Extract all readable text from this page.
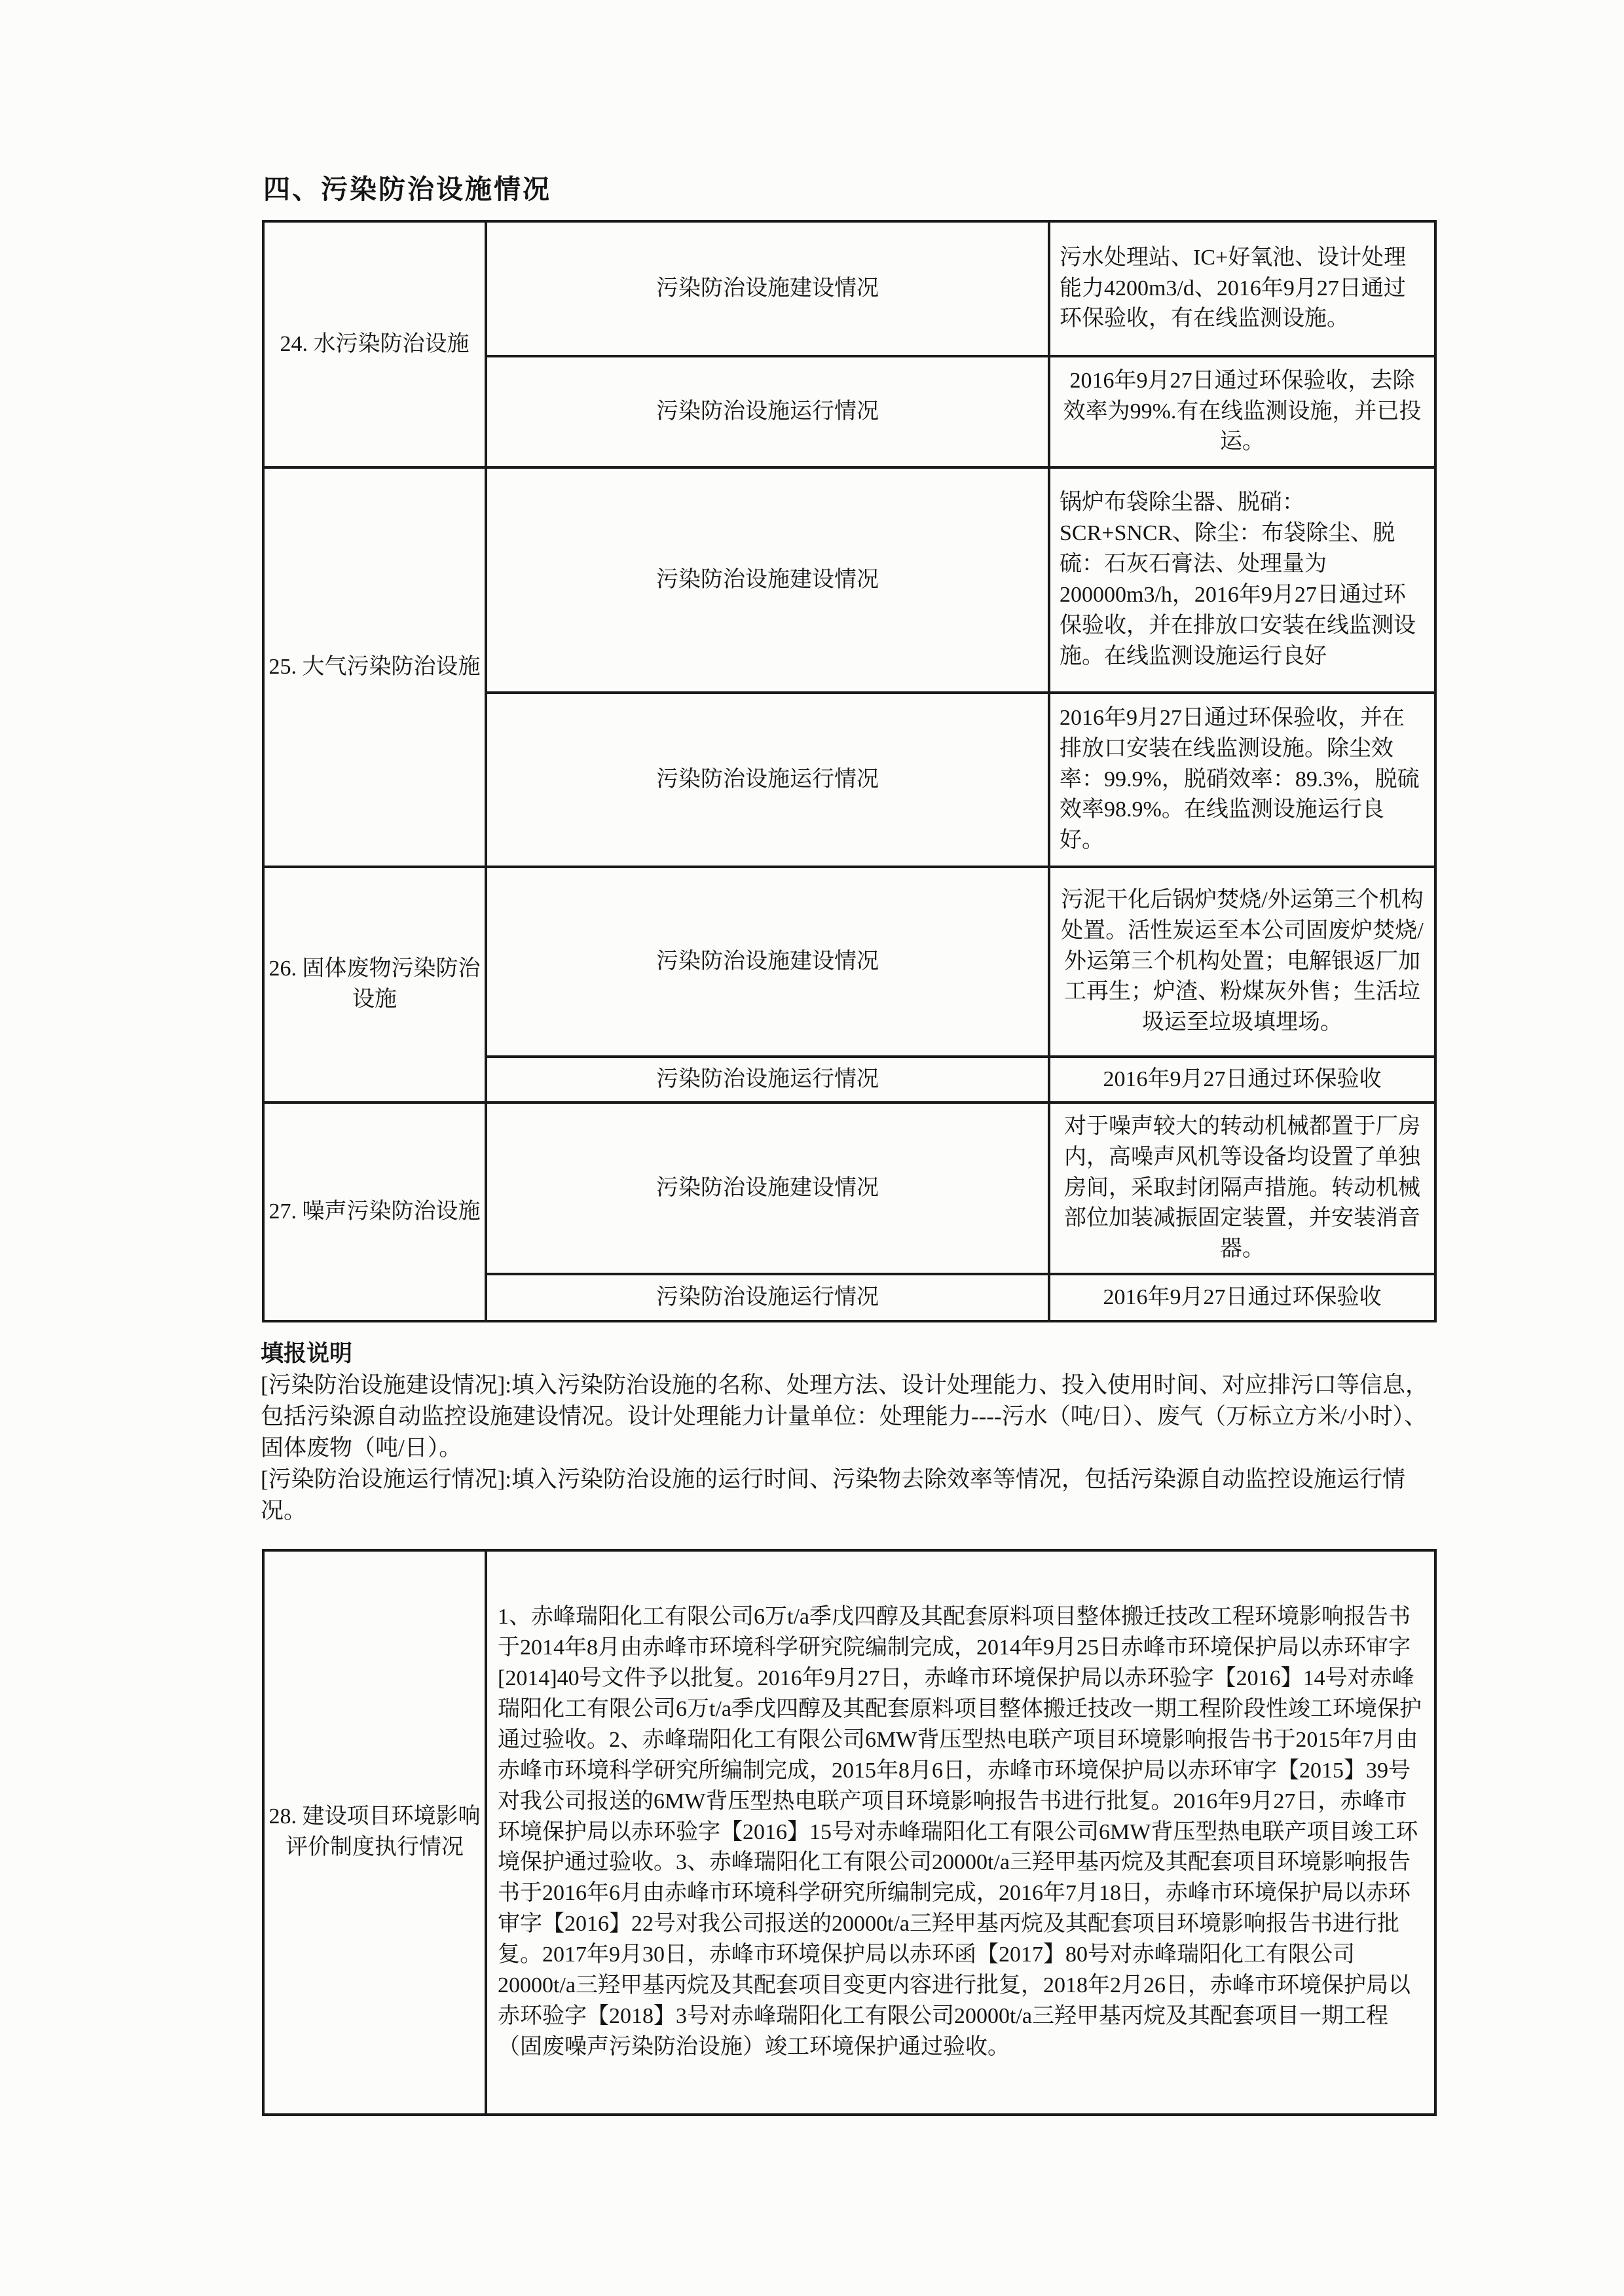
四、污染防治设施情况
24. 水污染防治设施	污染防治设施建设情况	污水处理站、IC+好氧池、设计处理能力4200m3/d、2016年9月27日通过环保验收，有在线监测设施。
	污染防治设施运行情况	2016年9月27日通过环保验收，去除效率为99%.有在线监测设施，并已投运。
25. 大气污染防治设施	污染防治设施建设情况	锅炉布袋除尘器、脱硝：SCR+SNCR、除尘：布袋除尘、脱硫：石灰石膏法、处理量为200000m3/h，2016年9月27日通过环保验收，并在排放口安装在线监测设施。在线监测设施运行良好
	污染防治设施运行情况	2016年9月27日通过环保验收，并在排放口安装在线监测设施。除尘效率：99.9%，脱硝效率：89.3%，脱硫效率98.9%。在线监测设施运行良好。
26. 固体废物污染防治设施	污染防治设施建设情况	污泥干化后锅炉焚烧/外运第三个机构处置。活性炭运至本公司固废炉焚烧/外运第三个机构处置；电解银返厂加工再生；炉渣、粉煤灰外售；生活垃圾运至垃圾填埋场。
	污染防治设施运行情况	2016年9月27日通过环保验收
27. 噪声污染防治设施	污染防治设施建设情况	对于噪声较大的转动机械都置于厂房内，高噪声风机等设备均设置了单独房间，采取封闭隔声措施。转动机械部位加装减振固定装置，并安装消音器。
	污染防治设施运行情况	2016年9月27日通过环保验收
填报说明

[污染防治设施建设情况]:填入污染防治设施的名称、处理方法、设计处理能力、投入使用时间、对应排污口等信息，包括污染源自动监控设施建设情况。设计处理能力计量单位：处理能力----污水（吨/日）、废气（万标立方米/小时）、固体废物（吨/日）。

[污染防治设施运行情况]:填入污染防治设施的运行时间、污染物去除效率等情况，包括污染源自动监控设施运行情况。

28. 建设项目环境影响评价制度执行情况	1、赤峰瑞阳化工有限公司6万t/a季戊四醇及其配套原料项目整体搬迁技改工程环境影响报告书于2014年8月由赤峰市环境科学研究院编制完成，2014年9月25日赤峰市环境保护局以赤环审字[2014]40号文件予以批复。2016年9月27日，赤峰市环境保护局以赤环验字【2016】14号对赤峰瑞阳化工有限公司6万t/a季戊四醇及其配套原料项目整体搬迁技改一期工程阶段性竣工环境保护通过验收。2、赤峰瑞阳化工有限公司6MW背压型热电联产项目环境影响报告书于2015年7月由赤峰市环境科学研究所编制完成，2015年8月6日，赤峰市环境保护局以赤环审字【2015】39号对我公司报送的6MW背压型热电联产项目环境影响报告书进行批复。2016年9月27日，赤峰市环境保护局以赤环验字【2016】15号对赤峰瑞阳化工有限公司6MW背压型热电联产项目竣工环境保护通过验收。3、赤峰瑞阳化工有限公司20000t/a三羟甲基丙烷及其配套项目环境影响报告书于2016年6月由赤峰市环境科学研究所编制完成，2016年7月18日，赤峰市环境保护局以赤环审字【2016】22号对我公司报送的20000t/a三羟甲基丙烷及其配套项目环境影响报告书进行批复。2017年9月30日，赤峰市环境保护局以赤环函【2017】80号对赤峰瑞阳化工有限公司20000t/a三羟甲基丙烷及其配套项目变更内容进行批复，2018年2月26日，赤峰市环境保护局以赤环验字【2018】3号对赤峰瑞阳化工有限公司20000t/a三羟甲基丙烷及其配套项目一期工程（固废噪声污染防治设施）竣工环境保护通过验收。
